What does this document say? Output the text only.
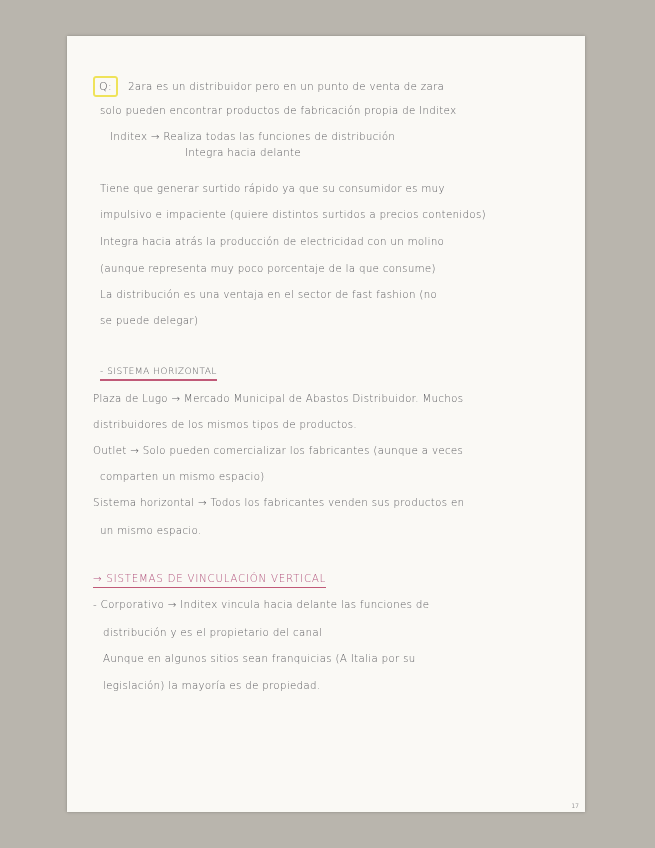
Q: 2ara es un distribuidor pero en un punto de venta de zara
solo pueden encontrar productos de fabricación propia de Inditex
Inditex → Realiza todas las funciones de distribución
Integra hacia delante
Tiene que generar surtido rápido ya que su consumidor es muy
impulsivo e impaciente (quiere distintos surtidos a precios contenidos)
Integra hacia atrás la producción de electricidad con un molino
(aunque representa muy poco porcentaje de la que consume)
La distribución es una ventaja en el sector de fast fashion (no
se puede delegar)
- SISTEMA HORIZONTAL
Plaza de Lugo → Mercado Municipal de Abastos Distribuidor. Muchos
distribuidores de los mismos tipos de productos.
Outlet → Solo pueden comercializar los fabricantes (aunque a veces
comparten un mismo espacio)
Sistema horizontal → Todos los fabricantes venden sus productos en
un mismo espacio.
→ SISTEMAS DE VINCULACIÓN VERTICAL
- Corporativo → Inditex vincula hacia delante las funciones de
distribución y es el propietario del canal
Aunque en algunos sitios sean franquicias (A Italia por su
legislación) la mayoría es de propiedad.
17
